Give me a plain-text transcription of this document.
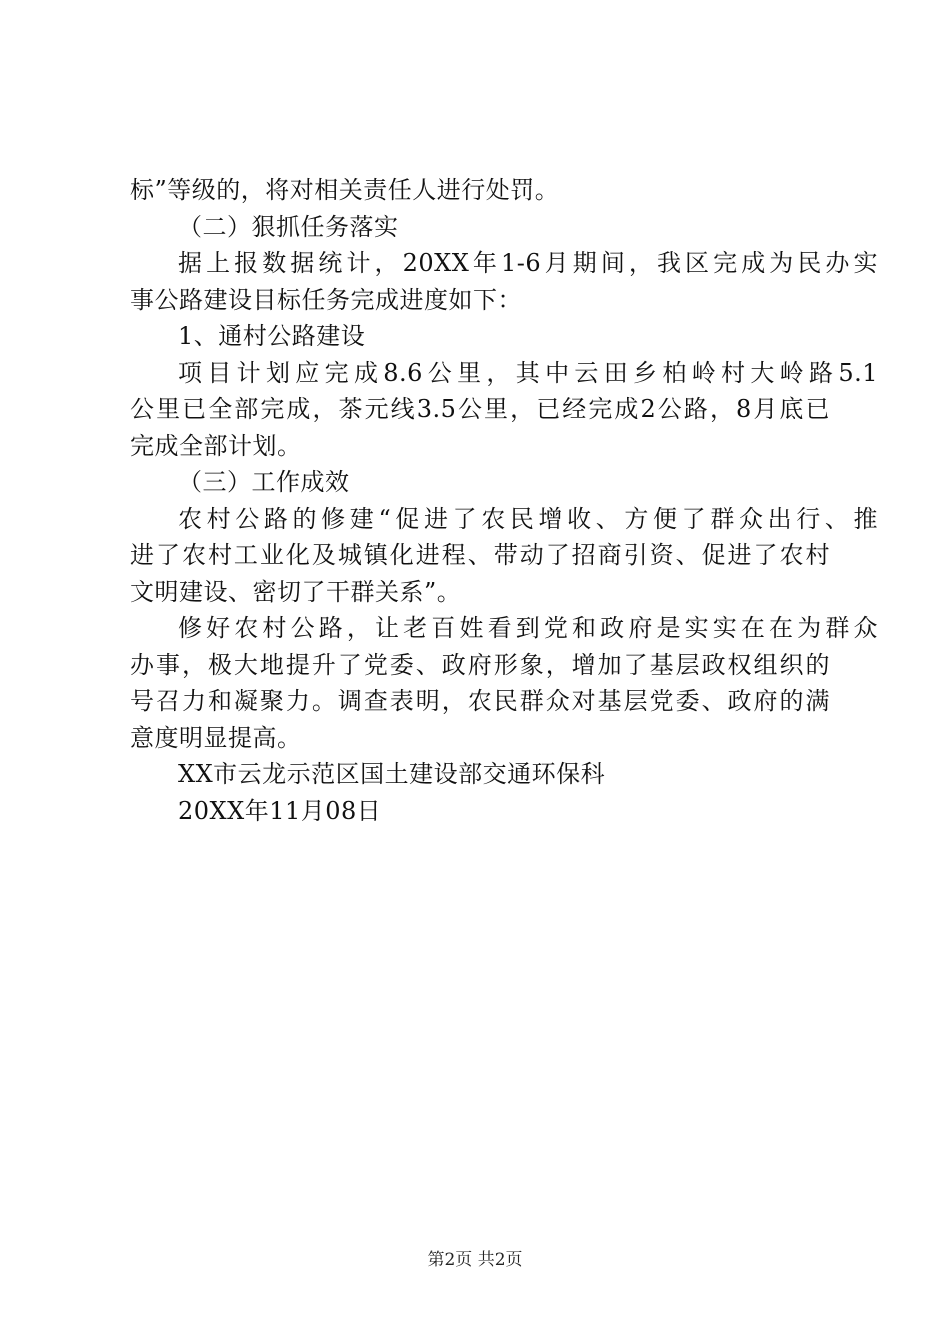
标”等级的，将对相关责任人进行处罚。
（二）狠抓任务落实
据上报数据统计，20XX年1-6月期间，我区完成为民办实
事公路建设目标任务完成进度如下：
1、通村公路建设
项目计划应完成8.6公里，其中云田乡柏岭村大岭路5.1
公里已全部完成，茶元线3.5公里，已经完成2公路，8月底已
完成全部计划。
（三）工作成效
农村公路的修建“促进了农民增收、方便了群众出行、推
进了农村工业化及城镇化进程、带动了招商引资、促进了农村
文明建设、密切了干群关系”。
修好农村公路，让老百姓看到党和政府是实实在在为群众
办事，极大地提升了党委、政府形象，增加了基层政权组织的
号召力和凝聚力。调查表明，农民群众对基层党委、政府的满
意度明显提高。
XX市云龙示范区国土建设部交通环保科
20XX年11月08日
第2页 共2页
